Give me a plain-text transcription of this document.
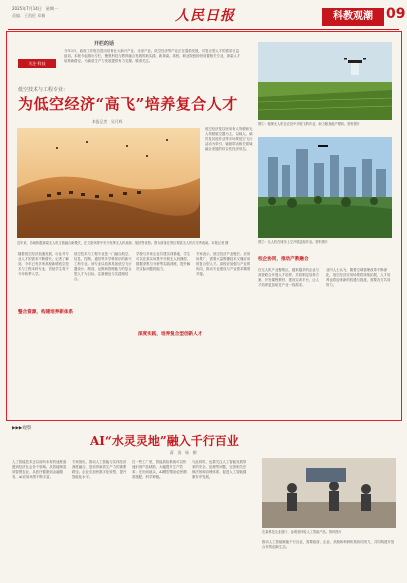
2025年7月14日　星期一
责编：王凯伦 邓楠	人民日报	科教观潮 09
关注·科技
开栏的话
今年3月，政府工作报告提出培育壮大新兴产业、未来产业。低空经济等产业正在蓬勃发展，对复合型人才的需求日益迫切。本报今起推出专栏，聚焦科技与教育融合发展的新实践、新探索。高校、职业院校纷纷设置相关专业，探索人才培养新路径，为新质生产力发展提供有力支撑。敬请关注。
低空技术与工程专业：
为低空经济“高飞”培养复合人才
本报记者　吴月辉
近年来，各地积极探索无人机文旅融合新模式，在文旅场景中充分发挥无人机表演、航拍等优势。图为游客在景区观赏无人机灯光秀表演。本报记者 摄
图①：植保无人机在农田中开展飞防作业，助力粮食稳产增收。资料图片
图②：无人机在城市上空开展巡检作业。资料图片
低空经济是以民用有人驾驶和无人驾驶航空器为主，以载人、载货及其他作业等多场景低空飞行活动为牵引，辐射带动相关领域融合发展的综合性经济形态。
随着低空经济加速发展，行业对专业人才的需求不断增长。记者了解到，今年已有多所高校新增低空技术与工程本科专业，首批学生将于今年秋季入学。
整合资源，构建培养新体系
低空技术与工程专业是一门融合航空、信息、控制、通信等多学科知识的新兴工科专业。该专业以培养具备低空飞行器设计、制造、运维和管理能力的复合型人才为目标，注重理论与实践相结合。
学校与多家企业共建实训基地，学生可以在真实场景中开展无人机操控、数据采集与分析等实践训练，提升解决实际问题的能力。
深度实践，培养复合型创新人才
专家表示，低空经济产业链长、应用场景广，需要大量既懂技术又懂应用的复合型人才。高校应加强与产业的协同，推动专业建设与产业需求精准对接。
校企协同，推动产教融合
在无人机产业聚集区，越来越多的企业与高校联合开展人才培养，共同制定培养方案、开发课程教材、建设实训平台，让人才培养更加贴近产业一线需求。
业内人士认为，随着空域管理改革不断深化，低空经济应用场景将持续拓展，人才培养也将迎来新的机遇与挑战，需要各方共同努力。
▶▶▶观察
AI“水灵灵地”融入千行百业
蒋　涛　杨　柳
人工智能技术正以前所未有的速度渗透到经济社会各个领域。从智能制造到智慧农业，从医疗健康到金融服务，AI应用场景不断丰富。
专家指出，推动人工智能与实体经济深度融合，是培育新质生产力的重要路径。企业应加快数字化转型，提升智能化水平。
在一些工厂里，智能质检系统可以快速识别产品缺陷，大幅提升生产效率；在田间地头，AI模型帮助农民精准施肥、科学种植。
与此同时，也要关注人工智能发展带来的安全、伦理等问题，完善相关法律法规和治理体系，促进人工智能健康有序发展。
在某科技企业展厅，参观者体验人工智能产品。资料图片
推动人工智能赋能千行百业，需要政府、企业、高校和科研机构协同发力，共同构建开放合作的创新生态。
